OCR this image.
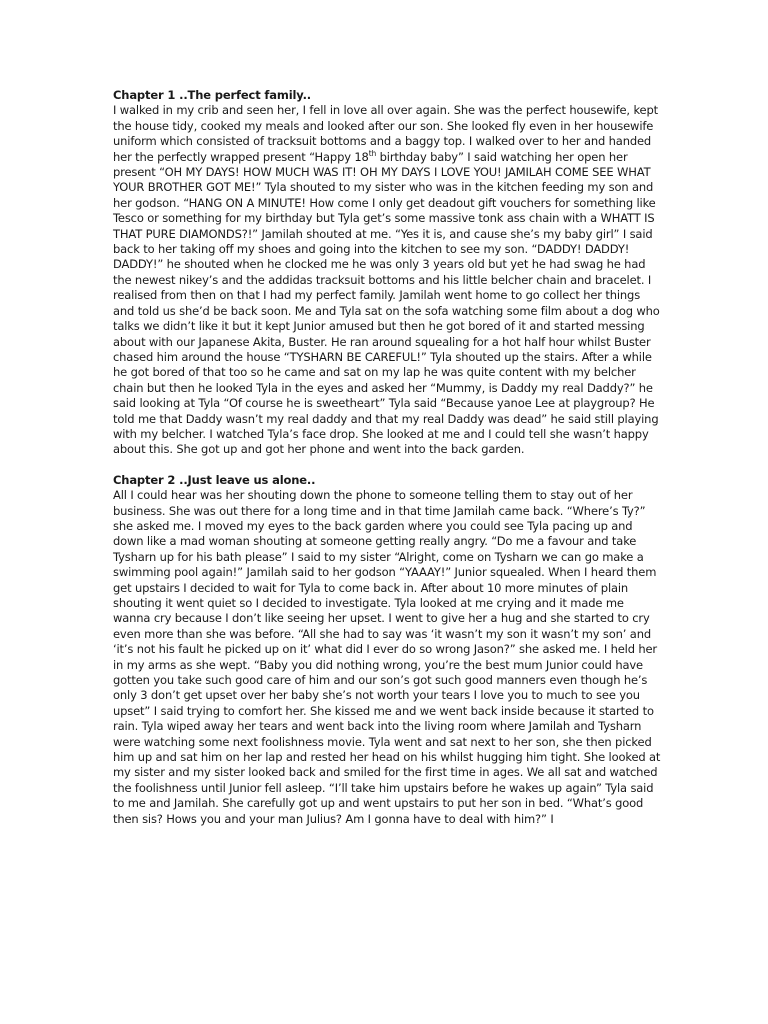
Chapter 1 ..The perfect family..

I walked in my crib and seen her, I fell in love all over again. She was the perfect housewife, kept the house tidy, cooked my meals and looked after our son. She looked fly even in her housewife uniform which consisted of tracksuit bottoms and a baggy top. I walked over to her and handed her the perfectly wrapped present “Happy 18th birthday baby” I said watching her open her present “OH MY DAYS! HOW MUCH WAS IT! OH MY DAYS I LOVE YOU! JAMILAH COME SEE WHAT YOUR BROTHER GOT ME!” Tyla shouted to my sister who was in the kitchen feeding my son and her godson. “HANG ON A MINUTE! How come I only get deadout gift vouchers for something like Tesco or something for my birthday but Tyla get’s some massive tonk ass chain with a WHATT IS THAT PURE DIAMONDS?!” Jamilah shouted at me. “Yes it is, and cause she’s my baby girl” I said back to her taking off my shoes and going into the kitchen to see my son. “DADDY! DADDY! DADDY!” he shouted when he clocked me he was only 3 years old but yet he had swag he had the newest nikey’s and the addidas tracksuit bottoms and his little belcher chain and bracelet. I realised from then on that I had my perfect family. Jamilah went home to go collect her things and told us she’d be back soon. Me and Tyla sat on the sofa watching some film about a dog who talks we didn’t like it but it kept Junior amused but then he got bored of it and started messing about with our Japanese Akita, Buster. He ran around squealing for a hot half hour whilst Buster chased him around the house “TYSHARN BE CAREFUL!” Tyla shouted up the stairs. After a while he got bored of that too so he came and sat on my lap he was quite content with my belcher chain but then he looked Tyla in the eyes and asked her “Mummy, is Daddy my real Daddy?” he said looking at Tyla “Of course he is sweetheart” Tyla said “Because yanoe Lee at playgroup? He told me that Daddy wasn’t my real daddy and that my real Daddy was dead” he said still playing with my belcher. I watched Tyla’s face drop. She looked at me and I could tell she wasn’t happy about this. She got up and got her phone and went into the back garden.

Chapter 2 ..Just leave us alone..

All I could hear was her shouting down the phone to someone telling them to stay out of her business. She was out there for a long time and in that time Jamilah came back. “Where’s Ty?” she asked me. I moved my eyes to the back garden where you could see Tyla pacing up and down like a mad woman shouting at someone getting really angry. “Do me a favour and take Tysharn up for his bath please” I said to my sister “Alright, come on Tysharn we can go make a swimming pool again!” Jamilah said to her godson “YAAAY!” Junior squealed. When I heard them get upstairs I decided to wait for Tyla to come back in. After about 10 more minutes of plain shouting it went quiet so I decided to investigate. Tyla looked at me crying and it made me wanna cry because I don’t like seeing her upset. I went to give her a hug and she started to cry even more than she was before. “All she had to say was ‘it wasn’t my son it wasn’t my son’ and ‘it’s not his fault he picked up on it’ what did I ever do so wrong Jason?” she asked me. I held her in my arms as she wept. “Baby you did nothing wrong, you’re the best mum Junior could have gotten you take such good care of him and our son’s got such good manners even though he’s only 3 don’t get upset over her baby she’s not worth your tears I love you to much to see you upset” I said trying to comfort her. She kissed me and we went back inside because it started to rain. Tyla wiped away her tears and went back into the living room where Jamilah and Tysharn were watching some next foolishness movie. Tyla went and sat next to her son, she then picked him up and sat him on her lap and rested her head on his whilst hugging him tight. She looked at my sister and my sister looked back and smiled for the first time in ages. We all sat and watched the foolishness until Junior fell asleep. “I’ll take him upstairs before he wakes up again” Tyla said to me and Jamilah. She carefully got up and went upstairs to put her son in bed. “What’s good then sis? Hows you and your man Julius? Am I gonna have to deal with him?” I
